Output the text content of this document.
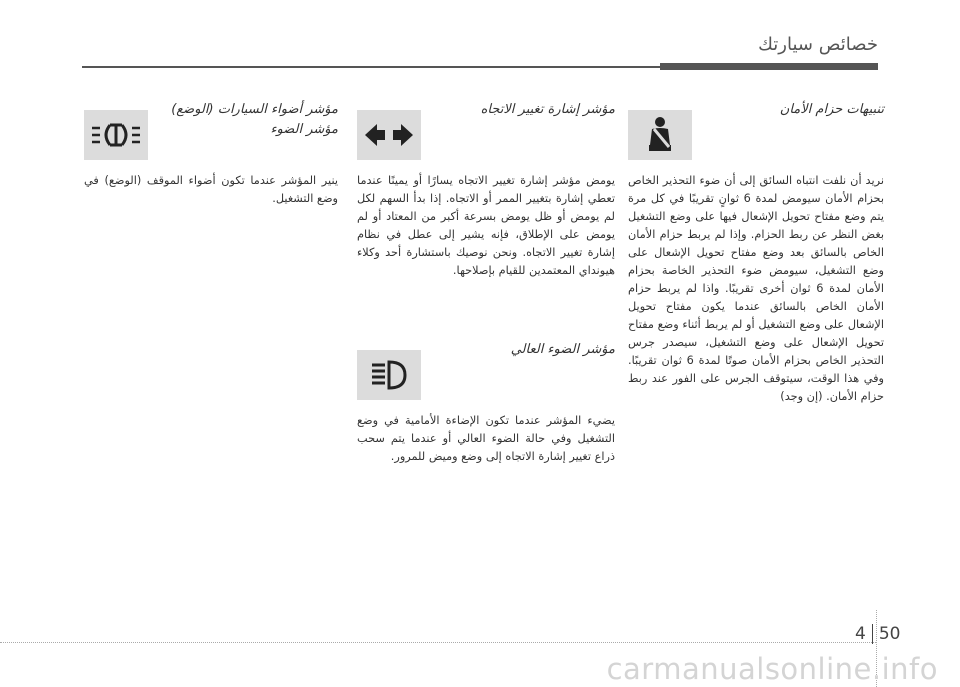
خصائص سيارتك
تنبيهات حزام الأمان

نريد أن نلفت انتباه السائق إلى أن ضوء التحذير الخاص بحزام الأمان سيومض لمدة 6 ثوانٍ تقريبًا في كل مرة يتم وضع مفتاح تحويل الإشعال فيها على وضع التشغيل بغض النظر عن ربط الحزام. وإذا لم يربط حزام الأمان الخاص بالسائق بعد وضع مفتاح تحويل الإشعال على وضع التشغيل، سيومض ضوء التحذير الخاصة بحزام الأمان لمدة 6 ثوان أخرى تقريبًا. واذا لم يربط حزام الأمان الخاص بالسائق عندما يكون مفتاح تحويل الإشعال على وضع التشغيل أو لم يربط أثناء وضع مفتاح تحويل الإشعال على وضع التشغيل، سيصدر جرس التحذير الخاص بحزام الأمان صوتًا لمدة 6 ثوان تقريبًا. وفي هذا الوقت، سيتوقف الجرس على الفور عند ربط حزام الأمان. (إن وجد)

مؤشر إشارة تغيير الاتجاه

يومض مؤشر إشارة تغيير الاتجاه يسارًا أو يمينًا عندما تعطي إشارة بتغيير الممر أو الاتجاه. إذا بدأ السهم لكل لم يومض أو ظل يومض بسرعة أكبر من المعتاد أو لم يومض على الإطلاق، فإنه يشير إلى عطل في نظام إشارة تغيير الاتجاه. ونحن نوصيك باستشارة أحد وكلاء هيونداي المعتمدين للقيام بإصلاحها.

مؤشر الضوء العالي

يضيء المؤشر عندما تكون الإضاءة الأمامية في وضع التشغيل وفي حالة الضوء العالي أو عندما يتم سحب ذراع تغيير إشارة الاتجاه إلى وضع وميض للمرور.

مؤشر أضواء السيارات (الوضع)
مؤشر الضوء

ينير المؤشر عندما تكون أضواء الموقف (الوضع) في وضع التشغيل.

4 50
carmanualsonline.info
